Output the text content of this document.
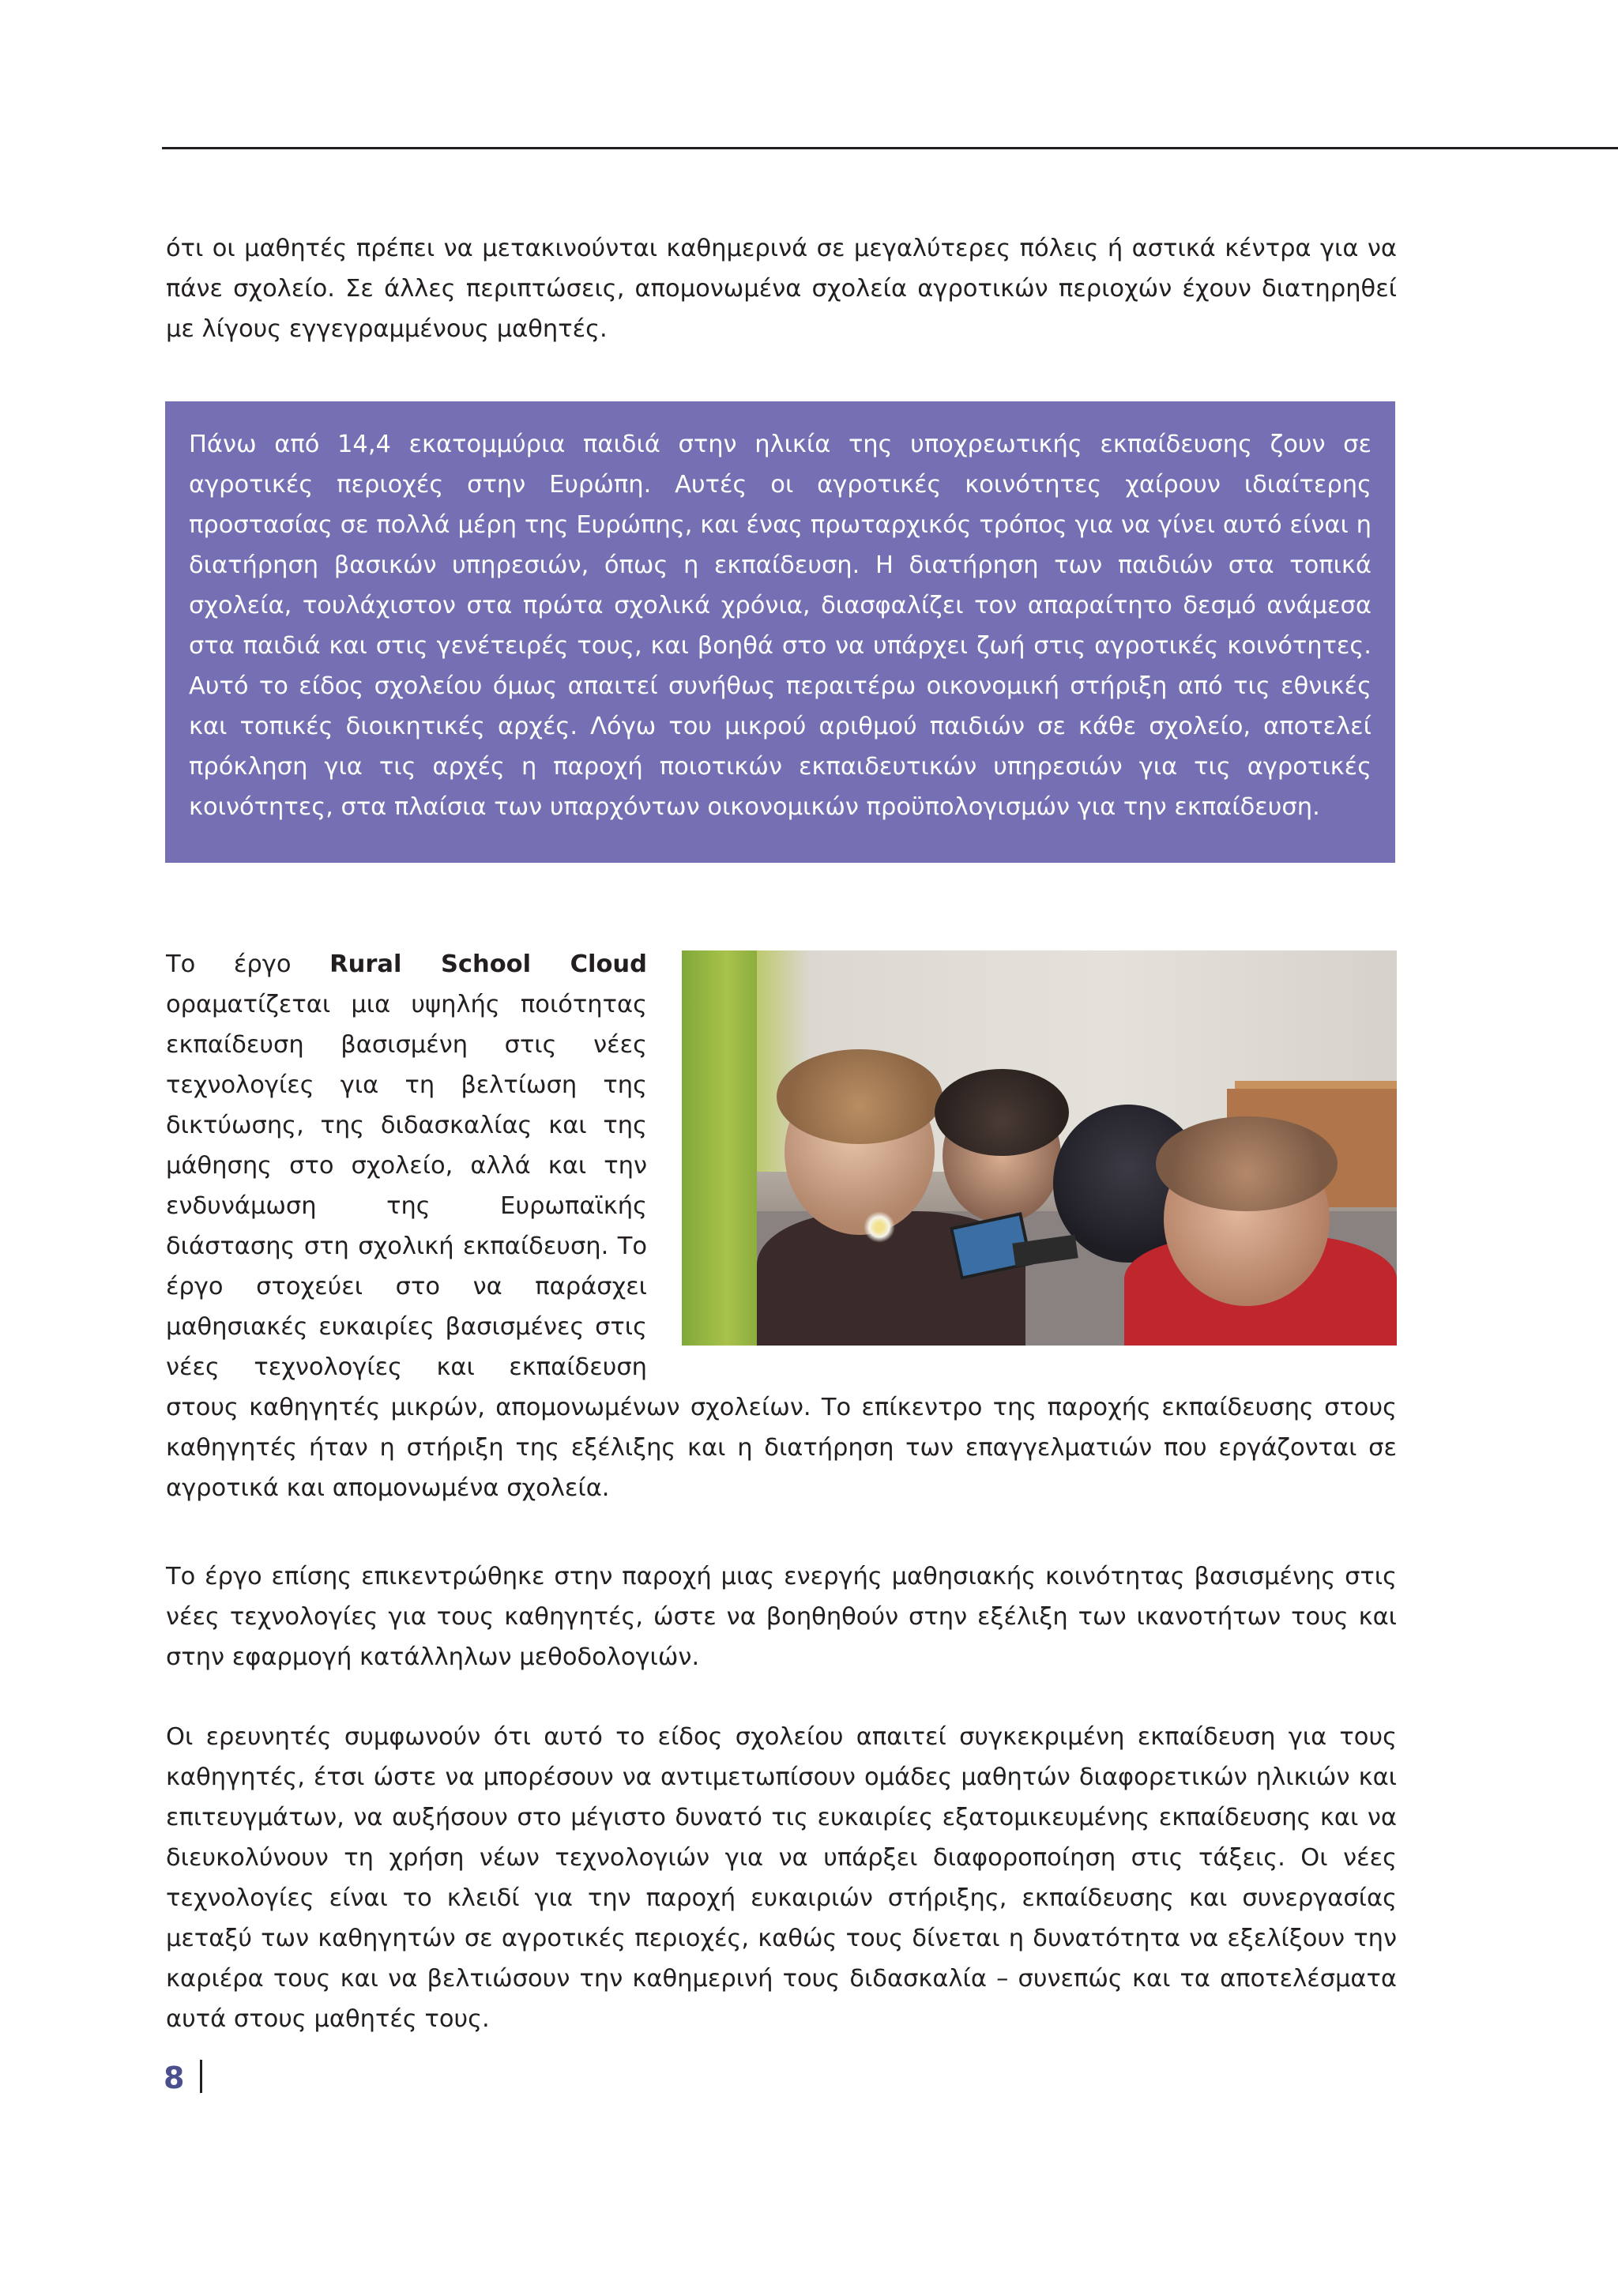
ότι οι μαθητές πρέπει να μετακινούνται καθημερινά σε μεγαλύτερες πόλεις ή αστικά κέντρα για να πάνε σχολείο. Σε άλλες περιπτώσεις, απομονωμένα σχολεία αγροτικών περιοχών έχουν διατηρηθεί με λίγους εγγεγραμμένους μαθητές.

Πάνω από 14,4 εκατομμύρια παιδιά στην ηλικία της υποχρεωτικής εκπαίδευσης ζουν σε αγροτικές περιοχές στην Ευρώπη. Αυτές οι αγροτικές κοινότητες χαίρουν ιδιαίτερης προστασίας σε πολλά μέρη της Ευρώπης, και ένας πρωταρχικός τρόπος για να γίνει αυτό είναι η διατήρηση βασικών υπηρεσιών, όπως η εκπαίδευση. Η διατήρηση των παιδιών στα τοπικά σχολεία, τουλάχιστον στα πρώτα σχολικά χρόνια, διασφαλίζει τον απαραίτητο δεσμό ανάμεσα στα παιδιά και στις γενέτειρές τους, και βοηθά στο να υπάρχει ζωή στις αγροτικές κοινότητες. Αυτό το είδος σχολείου όμως απαιτεί συνήθως περαιτέρω οικονομική στήριξη από τις εθνικές και τοπικές διοικητικές αρχές. Λόγω του μικρού αριθμού παιδιών σε κάθε σχολείο, αποτελεί πρόκληση για τις αρχές η παροχή ποιοτικών εκπαιδευτικών υπηρεσιών για τις αγροτικές κοινότητες, στα πλαίσια των υπαρχόντων οικονομικών προϋπολογισμών για την εκπαίδευση.

Το έργο Rural School Cloud οραματίζεται μια υψηλής ποιότητας εκπαίδευση βασισμένη στις νέες τεχνολογίες για τη βελτίωση της δικτύωσης, της διδασκαλίας και της μάθησης στο σχολείο, αλλά και την ενδυνάμωση της Ευρωπαϊκής διάστασης στη σχολική εκπαίδευση. Το έργο στοχεύει στο να παράσχει μαθησιακές ευκαιρίες βασισμένες στις νέες τεχνολογίες και εκπαίδευση στους καθηγητές μικρών, απομονωμένων σχολείων. Το επίκεντρο της παροχής εκπαίδευσης στους καθηγητές ήταν η στήριξη της εξέλιξης και η διατήρηση των επαγγελματιών που εργάζονται σε αγροτικά και απομονωμένα σχολεία.

Το έργο επίσης επικεντρώθηκε στην παροχή μιας ενεργής μαθησιακής κοινότητας βασισμένης στις νέες τεχνολογίες για τους καθηγητές, ώστε να βοηθηθούν στην εξέλιξη των ικανοτήτων τους και στην εφαρμογή κατάλληλων μεθοδολογιών.

Οι ερευνητές συμφωνούν ότι αυτό το είδος σχολείου απαιτεί συγκεκριμένη εκπαίδευση για τους καθηγητές, έτσι ώστε να μπορέσουν να αντιμετωπίσουν ομάδες μαθητών διαφορετικών ηλικιών και επιτευγμάτων, να αυξήσουν στο μέγιστο δυνατό τις ευκαιρίες εξατομικευμένης εκπαίδευσης και να διευκολύνουν τη χρήση νέων τεχνολογιών για να υπάρξει διαφοροποίηση στις τάξεις. Οι νέες τεχνολογίες είναι το κλειδί για την παροχή ευκαιριών στήριξης, εκπαίδευσης και συνεργασίας μεταξύ των καθηγητών σε αγροτικές περιοχές, καθώς τους δίνεται η δυνατότητα να εξελίξουν την καριέρα τους και να βελτιώσουν την καθημερινή τους διδασκαλία – συνεπώς και τα αποτελέσματα αυτά στους μαθητές τους.

8
